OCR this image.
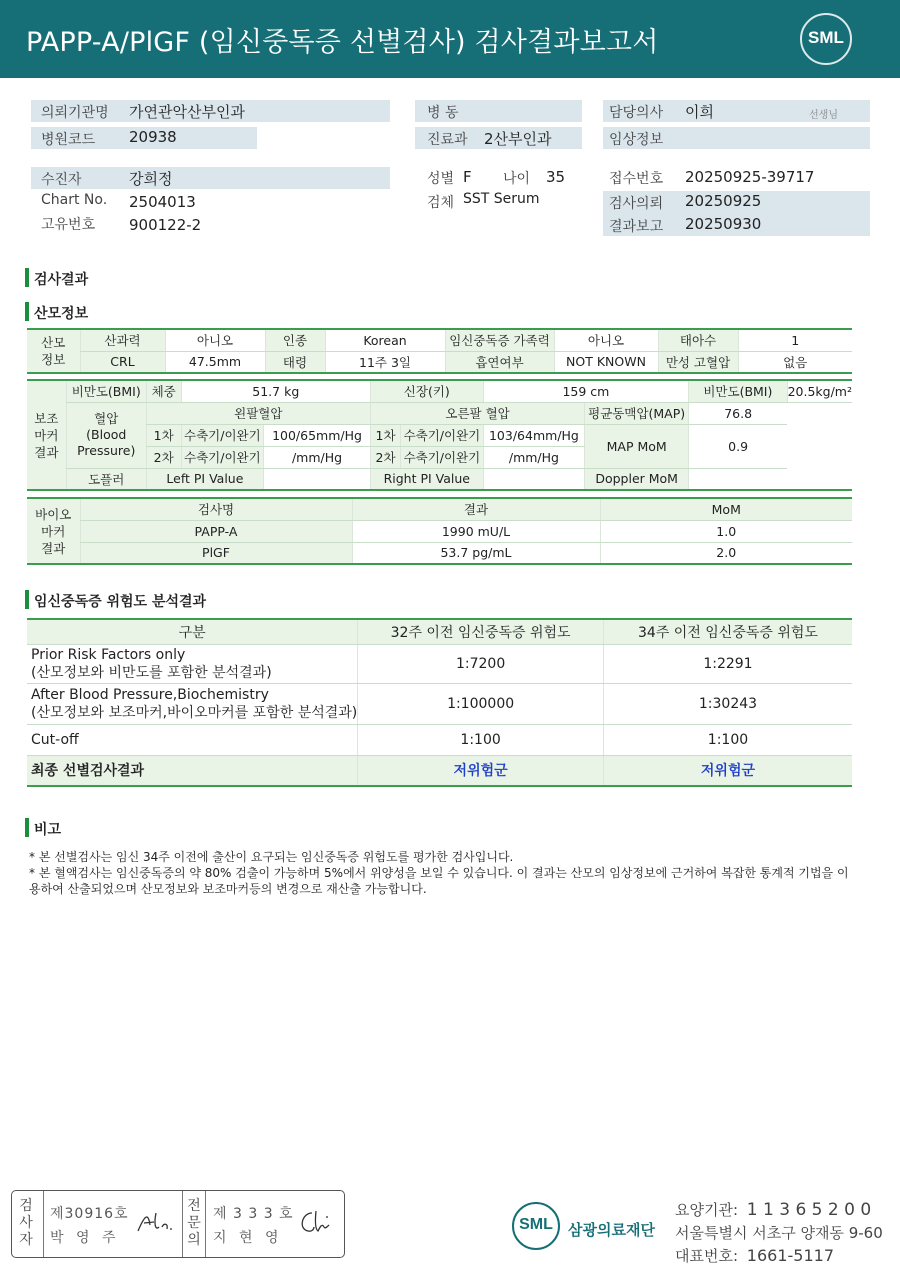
PAPP-A/PlGF (임신중독증 선별검사) 검사결과보고서	SML
의뢰기관명 가연관악산부인과
병원코드 20938
수진자	강희정
Chart No. 2504013
고유번호 900122-2
병 동
진료과 2산부인과
성별 F 나이 35
검체 SST Serum
담당의사 이희	선생님
임상정보
접수번호 20250925-39717
검사의뢰 20250925
결과보고 20250930
검사결과
산모정보
산모
정보	산과력	아니오	인종	Korean	임신중독증 가족력	아니오	태아수	1
	CRL	47.5mm	태령	11주 3일	흡연여부	NOT KNOWN	만성 고혈압	없음
보조
마커
결과	비만도(BMI)	체중	51.7 kg		신장(키)		159 cm		비만도(BMI)	20.5kg/m²
	혈압
(Blood
Pressure)	왼팔혈압			오른팔 혈압			평균동맥압(MAP)	76.8	
		1차	수축기/이완기	100/65mm/Hg	1차	수축기/이완기	103/64mm/Hg	MAP MoM	0.9	
		2차	수축기/이완기	/mm/Hg	2차	수축기/이완기	/mm/Hg			
	도플러	Left PI Value			Right PI Value			Doppler MoM		
바이오
마커
결과	검사명	결과	MoM
	PAPP-A	1990 mU/L	1.0
	PlGF	53.7 pg/mL	2.0
임신중독증 위험도 분석결과
구분	32주 이전 임신중독증 위험도	34주 이전 임신중독증 위험도

Prior Risk Factors only
(산모정보와 비만도를 포함한 분석결과)	1:7200	1:2291

After Blood Pressure,Biochemistry
(산모정보와 보조마커,바이오마커를 포함한 분석결과)	1:100000	1:30243

Cut-off	1:100	1:100
최종 선별검사결과	저위험군	저위험군
비고
* 본 선별검사는 임신 34주 이전에 출산이 요구되는 임신중독증 위험도를 평가한 검사입니다.
* 본 혈액검사는 임신중독증의 약 80% 검출이 가능하며 5%에서 위양성을 보일 수 있습니다. 이 결과는 산모의 임상정보에 근거하여 복잡한 통계적 기법을 이용하여 산출되었으며 산모정보와 보조마커등의 변경으로 재산출 가능합니다.
검
사
자
제30916호
박 영 주
전
문
의
제 3 3 3 호
지 현 영
SML	삼광의료재단
요양기관: 1 1 3 6 5 2 0 0
서울특별시 서초구 양재동 9-60
대표번호: 1661-5117
